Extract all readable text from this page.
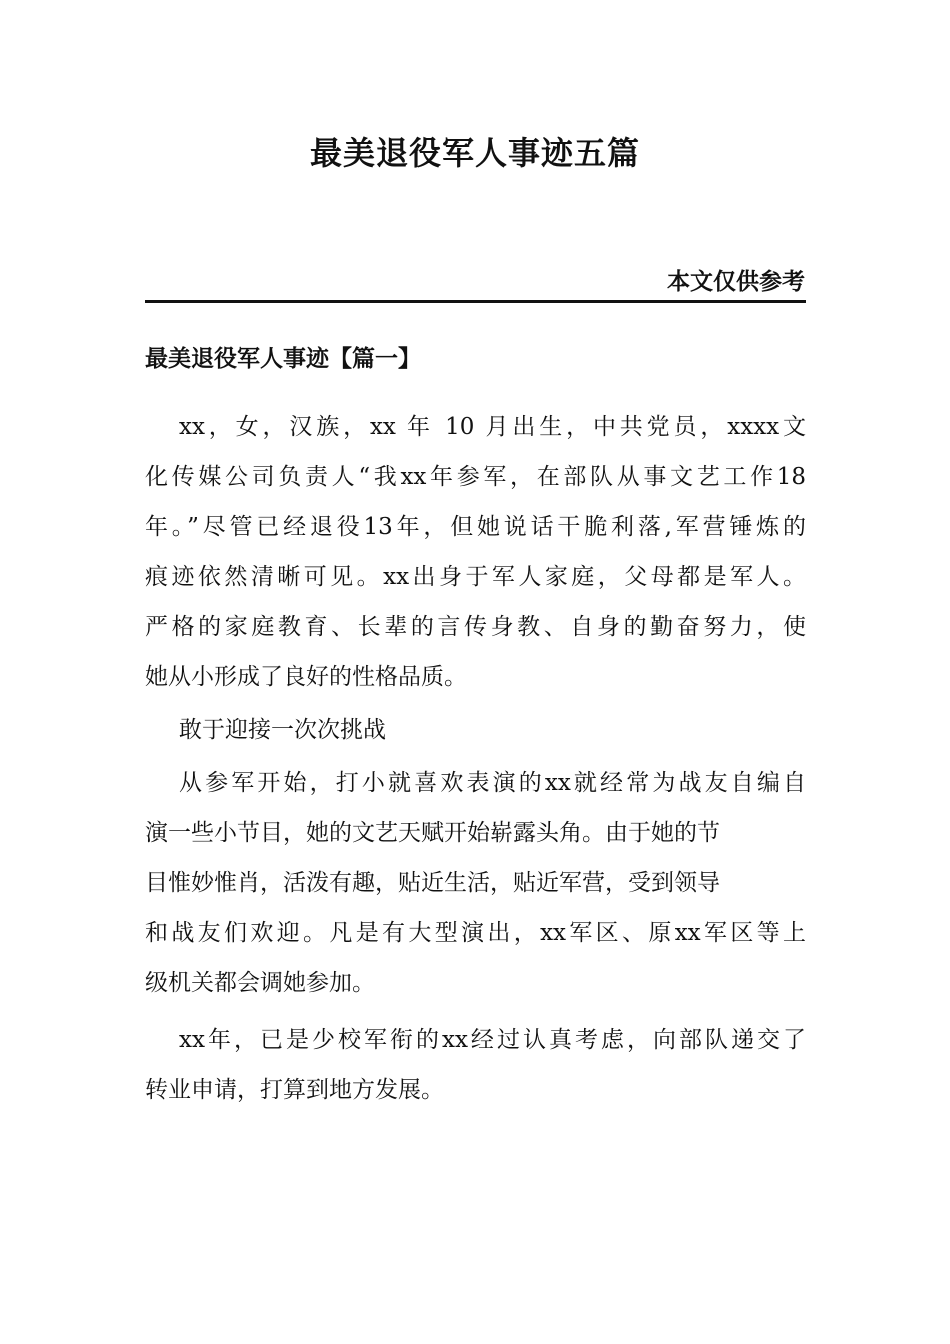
最美退役军人事迹五篇

本文仅供参考

最美退役军人事迹【篇一】
xx，女，汉族，xx 年 10 月出生，中共党员，xxxx文
化传媒公司负责人“我xx年参军，在部队从事文艺工作18
年。”尽管已经退役13年，但她说话干脆利落,军营锤炼的
痕迹依然清晰可见。xx出身于军人家庭，父母都是军人。
严格的家庭教育、长辈的言传身教、自身的勤奋努力，使
她从小形成了良好的性格品质。
敢于迎接一次次挑战
从参军开始，打小就喜欢表演的xx就经常为战友自编自
演一些小节目，她的文艺天赋开始崭露头角。由于她的节
目惟妙惟肖，活泼有趣，贴近生活，贴近军营，受到领导
和战友们欢迎。凡是有大型演出，xx军区、原xx军区等上
级机关都会调她参加。
xx年，已是少校军衔的xx经过认真考虑，向部队递交了
转业申请，打算到地方发展。
